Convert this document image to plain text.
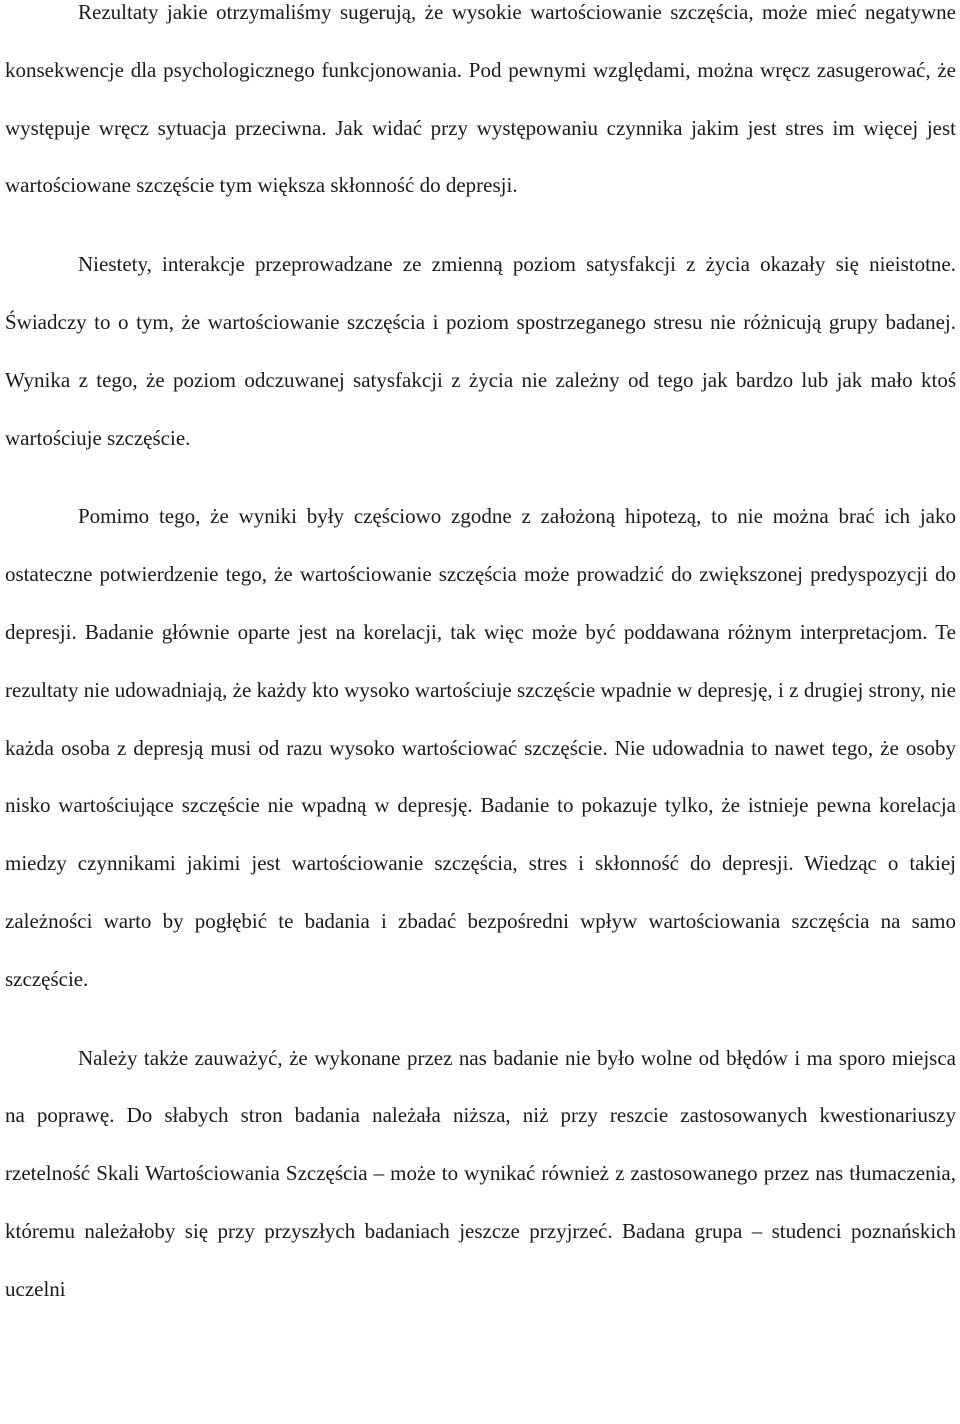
Rezultaty jakie otrzymaliśmy sugerują, że wysokie wartościowanie szczęścia, może mieć negatywne konsekwencje dla psychologicznego funkcjonowania. Pod pewnymi względami, można wręcz zasugerować, że występuje wręcz sytuacja przeciwna. Jak widać przy występowaniu czynnika jakim jest stres im więcej jest wartościowane szczęście tym większa skłonność do depresji.

Niestety, interakcje przeprowadzane ze zmienną poziom satysfakcji z życia okazały się nieistotne. Świadczy to o tym, że wartościowanie szczęścia i poziom spostrzeganego stresu nie różnicują grupy badanej. Wynika z tego, że poziom odczuwanej satysfakcji z życia nie zależny od tego jak bardzo lub jak mało ktoś wartościuje szczęście.

Pomimo tego, że wyniki były częściowo zgodne z założoną hipotezą, to nie można brać ich jako ostateczne potwierdzenie tego, że wartościowanie szczęścia może prowadzić do zwiększonej predyspozycji do depresji. Badanie głównie oparte jest na korelacji, tak więc może być poddawana różnym interpretacjom. Te rezultaty nie udowadniają, że każdy kto wysoko wartościuje szczęście wpadnie w depresję, i z drugiej strony, nie każda osoba z depresją musi od razu wysoko wartościować szczęście. Nie udowadnia to nawet tego, że osoby nisko wartościujące szczęście nie wpadną w depresję. Badanie to pokazuje tylko, że istnieje pewna korelacja miedzy czynnikami jakimi jest wartościowanie szczęścia, stres i skłonność do depresji. Wiedząc o takiej zależności warto by pogłębić te badania i zbadać bezpośredni wpływ wartościowania szczęścia na samo szczęście.

Należy także zauważyć, że wykonane przez nas badanie nie było wolne od błędów i ma sporo miejsca na poprawę. Do słabych stron badania należała niższa, niż przy reszcie zastosowanych kwestionariuszy rzetelność Skali Wartościowania Szczęścia – może to wynikać również z zastosowanego przez nas tłumaczenia, któremu należałoby się przy przyszłych badaniach jeszcze przyjrzeć. Badana grupa – studenci poznańskich uczelni
